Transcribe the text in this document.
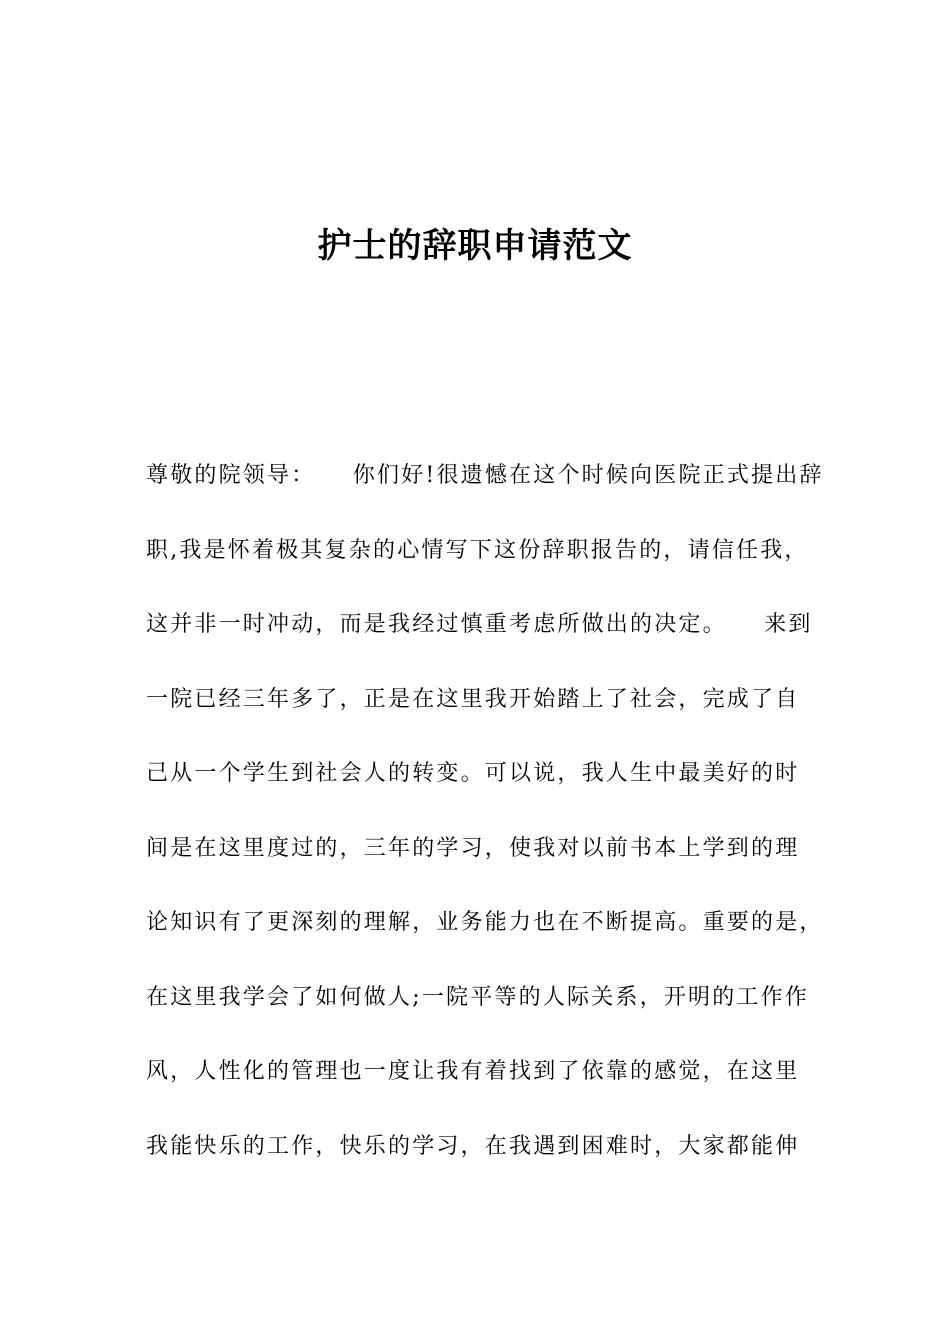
护士的辞职申请范文
尊敬的院领导：　　你们好!很遗憾在这个时候向医院正式提出辞
职,我是怀着极其复杂的心情写下这份辞职报告的，请信任我，
这并非一时冲动，而是我经过慎重考虑所做出的决定。　　来到
一院已经三年多了，正是在这里我开始踏上了社会，完成了自
己从一个学生到社会人的转变。可以说，我人生中最美好的时
间是在这里度过的，三年的学习，使我对以前书本上学到的理
论知识有了更深刻的理解，业务能力也在不断提高。重要的是，
在这里我学会了如何做人;一院平等的人际关系，开明的工作作
风，人性化的管理也一度让我有着找到了依靠的感觉，在这里
我能快乐的工作，快乐的学习，在我遇到困难时，大家都能伸
